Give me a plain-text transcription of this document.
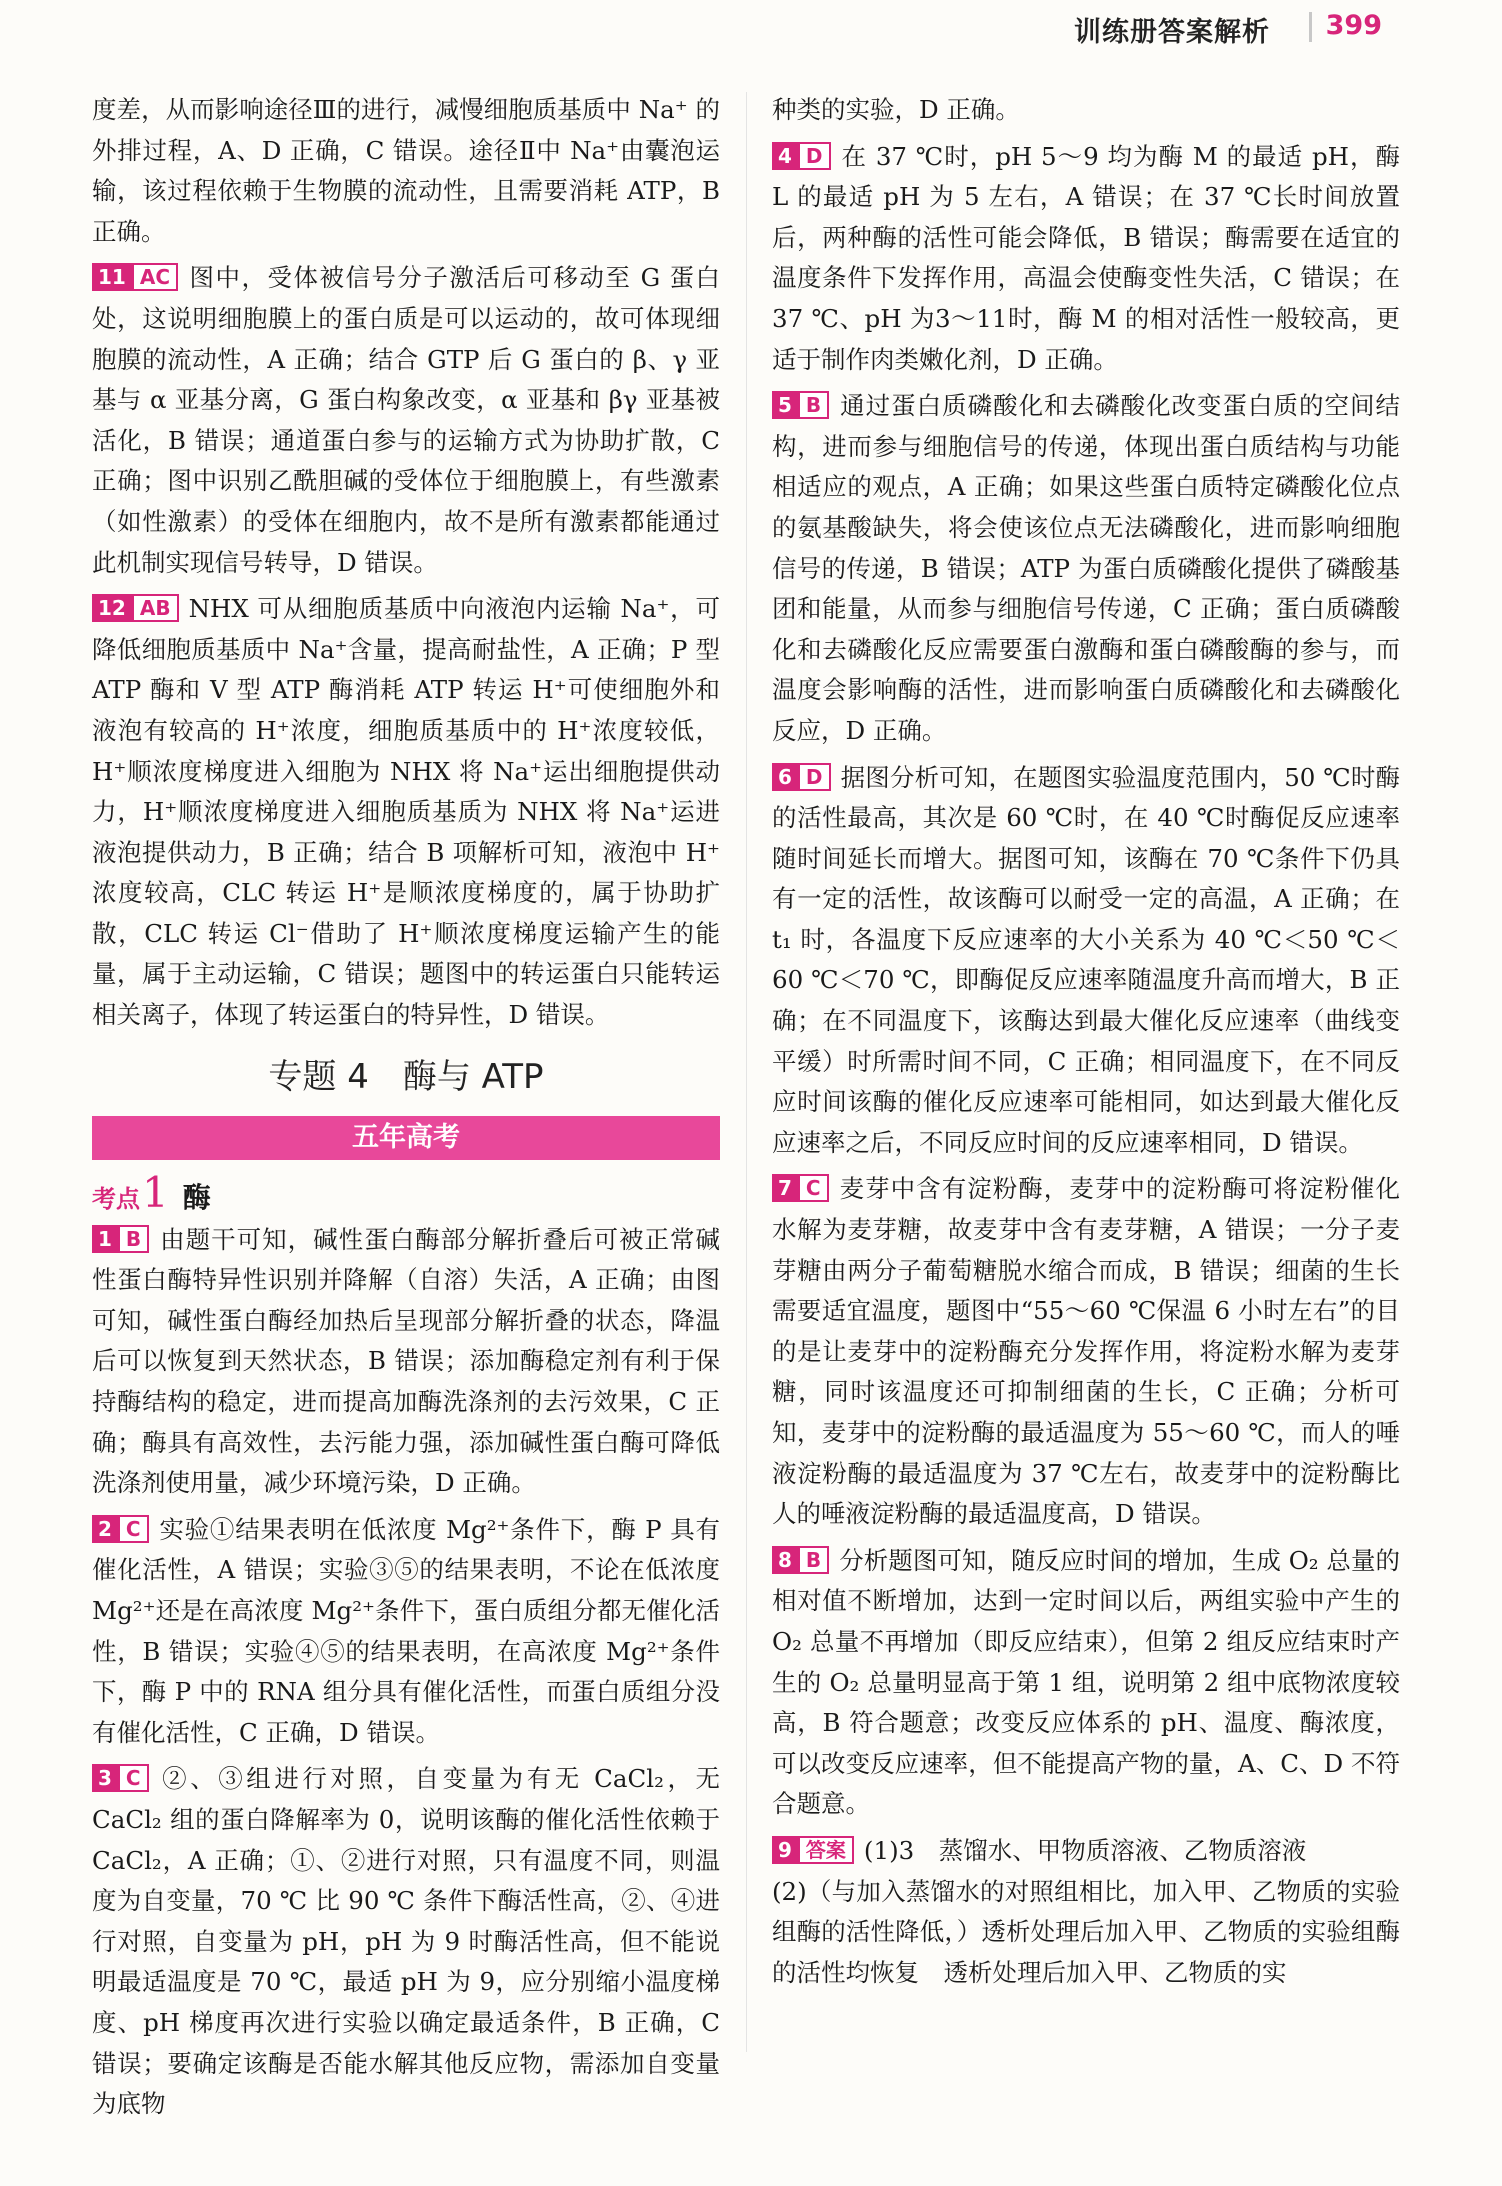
训练册答案解析 399

度差，从而影响途径Ⅲ的进行，减慢细胞质基质中 Na⁺ 的外排过程，A、D 正确，C 错误。途径Ⅱ中 Na⁺由囊泡运输，该过程依赖于生物膜的流动性，且需要消耗 ATP，B 正确。

11 AC 图中，受体被信号分子激活后可移动至 G 蛋白处，这说明细胞膜上的蛋白质是可以运动的，故可体现细胞膜的流动性，A 正确；结合 GTP 后 G 蛋白的 β、γ 亚基与 α 亚基分离，G 蛋白构象改变，α 亚基和 βγ 亚基被活化，B 错误；通道蛋白参与的运输方式为协助扩散，C 正确；图中识别乙酰胆碱的受体位于细胞膜上，有些激素（如性激素）的受体在细胞内，故不是所有激素都能通过此机制实现信号转导，D 错误。

12 AB NHX 可从细胞质基质中向液泡内运输 Na⁺，可降低细胞质基质中 Na⁺含量，提高耐盐性，A 正确；P 型 ATP 酶和 V 型 ATP 酶消耗 ATP 转运 H⁺可使细胞外和液泡有较高的 H⁺浓度，细胞质基质中的 H⁺浓度较低，H⁺顺浓度梯度进入细胞为 NHX 将 Na⁺运出细胞提供动力，H⁺顺浓度梯度进入细胞质基质为 NHX 将 Na⁺运进液泡提供动力，B 正确；结合 B 项解析可知，液泡中 H⁺浓度较高，CLC 转运 H⁺是顺浓度梯度的，属于协助扩散，CLC 转运 Cl⁻借助了 H⁺顺浓度梯度运输产生的能量，属于主动运输，C 错误；题图中的转运蛋白只能转运相关离子，体现了转运蛋白的特异性，D 错误。

专题 4　酶与 ATP
五年高考
考点1 酶

1 B 由题干可知，碱性蛋白酶部分解折叠后可被正常碱性蛋白酶特异性识别并降解（自溶）失活，A 正确；由图可知，碱性蛋白酶经加热后呈现部分解折叠的状态，降温后可以恢复到天然状态，B 错误；添加酶稳定剂有利于保持酶结构的稳定，进而提高加酶洗涤剂的去污效果，C 正确；酶具有高效性，去污能力强，添加碱性蛋白酶可降低洗涤剂使用量，减少环境污染，D 正确。

2 C 实验①结果表明在低浓度 Mg²⁺条件下，酶 P 具有催化活性，A 错误；实验③⑤的结果表明，不论在低浓度 Mg²⁺还是在高浓度 Mg²⁺条件下，蛋白质组分都无催化活性，B 错误；实验④⑤的结果表明，在高浓度 Mg²⁺条件下，酶 P 中的 RNA 组分具有催化活性，而蛋白质组分没有催化活性，C 正确，D 错误。

3 C ②、③组进行对照，自变量为有无 CaCl₂，无 CaCl₂ 组的蛋白降解率为 0，说明该酶的催化活性依赖于 CaCl₂，A 正确；①、②进行对照，只有温度不同，则温度为自变量，70 ℃ 比 90 ℃ 条件下酶活性高，②、④进行对照，自变量为 pH，pH 为 9 时酶活性高，但不能说明最适温度是 70 ℃，最适 pH 为 9，应分别缩小温度梯度、pH 梯度再次进行实验以确定最适条件，B 正确，C 错误；要确定该酶是否能水解其他反应物，需添加自变量为底物

种类的实验，D 正确。

4 D 在 37 ℃时，pH 5～9 均为酶 M 的最适 pH，酶 L 的最适 pH 为 5 左右，A 错误；在 37 ℃长时间放置后，两种酶的活性可能会降低，B 错误；酶需要在适宜的温度条件下发挥作用，高温会使酶变性失活，C 错误；在 37 ℃、pH 为3～11时，酶 M 的相对活性一般较高，更适于制作肉类嫩化剂，D 正确。

5 B 通过蛋白质磷酸化和去磷酸化改变蛋白质的空间结构，进而参与细胞信号的传递，体现出蛋白质结构与功能相适应的观点，A 正确；如果这些蛋白质特定磷酸化位点的氨基酸缺失，将会使该位点无法磷酸化，进而影响细胞信号的传递，B 错误；ATP 为蛋白质磷酸化提供了磷酸基团和能量，从而参与细胞信号传递，C 正确；蛋白质磷酸化和去磷酸化反应需要蛋白激酶和蛋白磷酸酶的参与，而温度会影响酶的活性，进而影响蛋白质磷酸化和去磷酸化反应，D 正确。

6 D 据图分析可知，在题图实验温度范围内，50 ℃时酶的活性最高，其次是 60 ℃时，在 40 ℃时酶促反应速率随时间延长而增大。据图可知，该酶在 70 ℃条件下仍具有一定的活性，故该酶可以耐受一定的高温，A 正确；在 t₁ 时，各温度下反应速率的大小关系为 40 ℃＜50 ℃＜60 ℃＜70 ℃，即酶促反应速率随温度升高而增大，B 正确；在不同温度下，该酶达到最大催化反应速率（曲线变平缓）时所需时间不同，C 正确；相同温度下，在不同反应时间该酶的催化反应速率可能相同，如达到最大催化反应速率之后，不同反应时间的反应速率相同，D 错误。

7 C 麦芽中含有淀粉酶，麦芽中的淀粉酶可将淀粉催化水解为麦芽糖，故麦芽中含有麦芽糖，A 错误；一分子麦芽糖由两分子葡萄糖脱水缩合而成，B 错误；细菌的生长需要适宜温度，题图中“55～60 ℃保温 6 小时左右”的目的是让麦芽中的淀粉酶充分发挥作用，将淀粉水解为麦芽糖，同时该温度还可抑制细菌的生长，C 正确；分析可知，麦芽中的淀粉酶的最适温度为 55～60 ℃，而人的唾液淀粉酶的最适温度为 37 ℃左右，故麦芽中的淀粉酶比人的唾液淀粉酶的最适温度高，D 错误。

8 B 分析题图可知，随反应时间的增加，生成 O₂ 总量的相对值不断增加，达到一定时间以后，两组实验中产生的 O₂ 总量不再增加（即反应结束），但第 2 组反应结束时产生的 O₂ 总量明显高于第 1 组，说明第 2 组中底物浓度较高，B 符合题意；改变反应体系的 pH、温度、酶浓度，可以改变反应速率，但不能提高产物的量，A、C、D 不符合题意。

9 答案 (1)3　蒸馏水、甲物质溶液、乙物质溶液
(2)（与加入蒸馏水的对照组相比，加入甲、乙物质的实验组酶的活性降低，）透析处理后加入甲、乙物质的实验组酶的活性均恢复　透析处理后加入甲、乙物质的实
